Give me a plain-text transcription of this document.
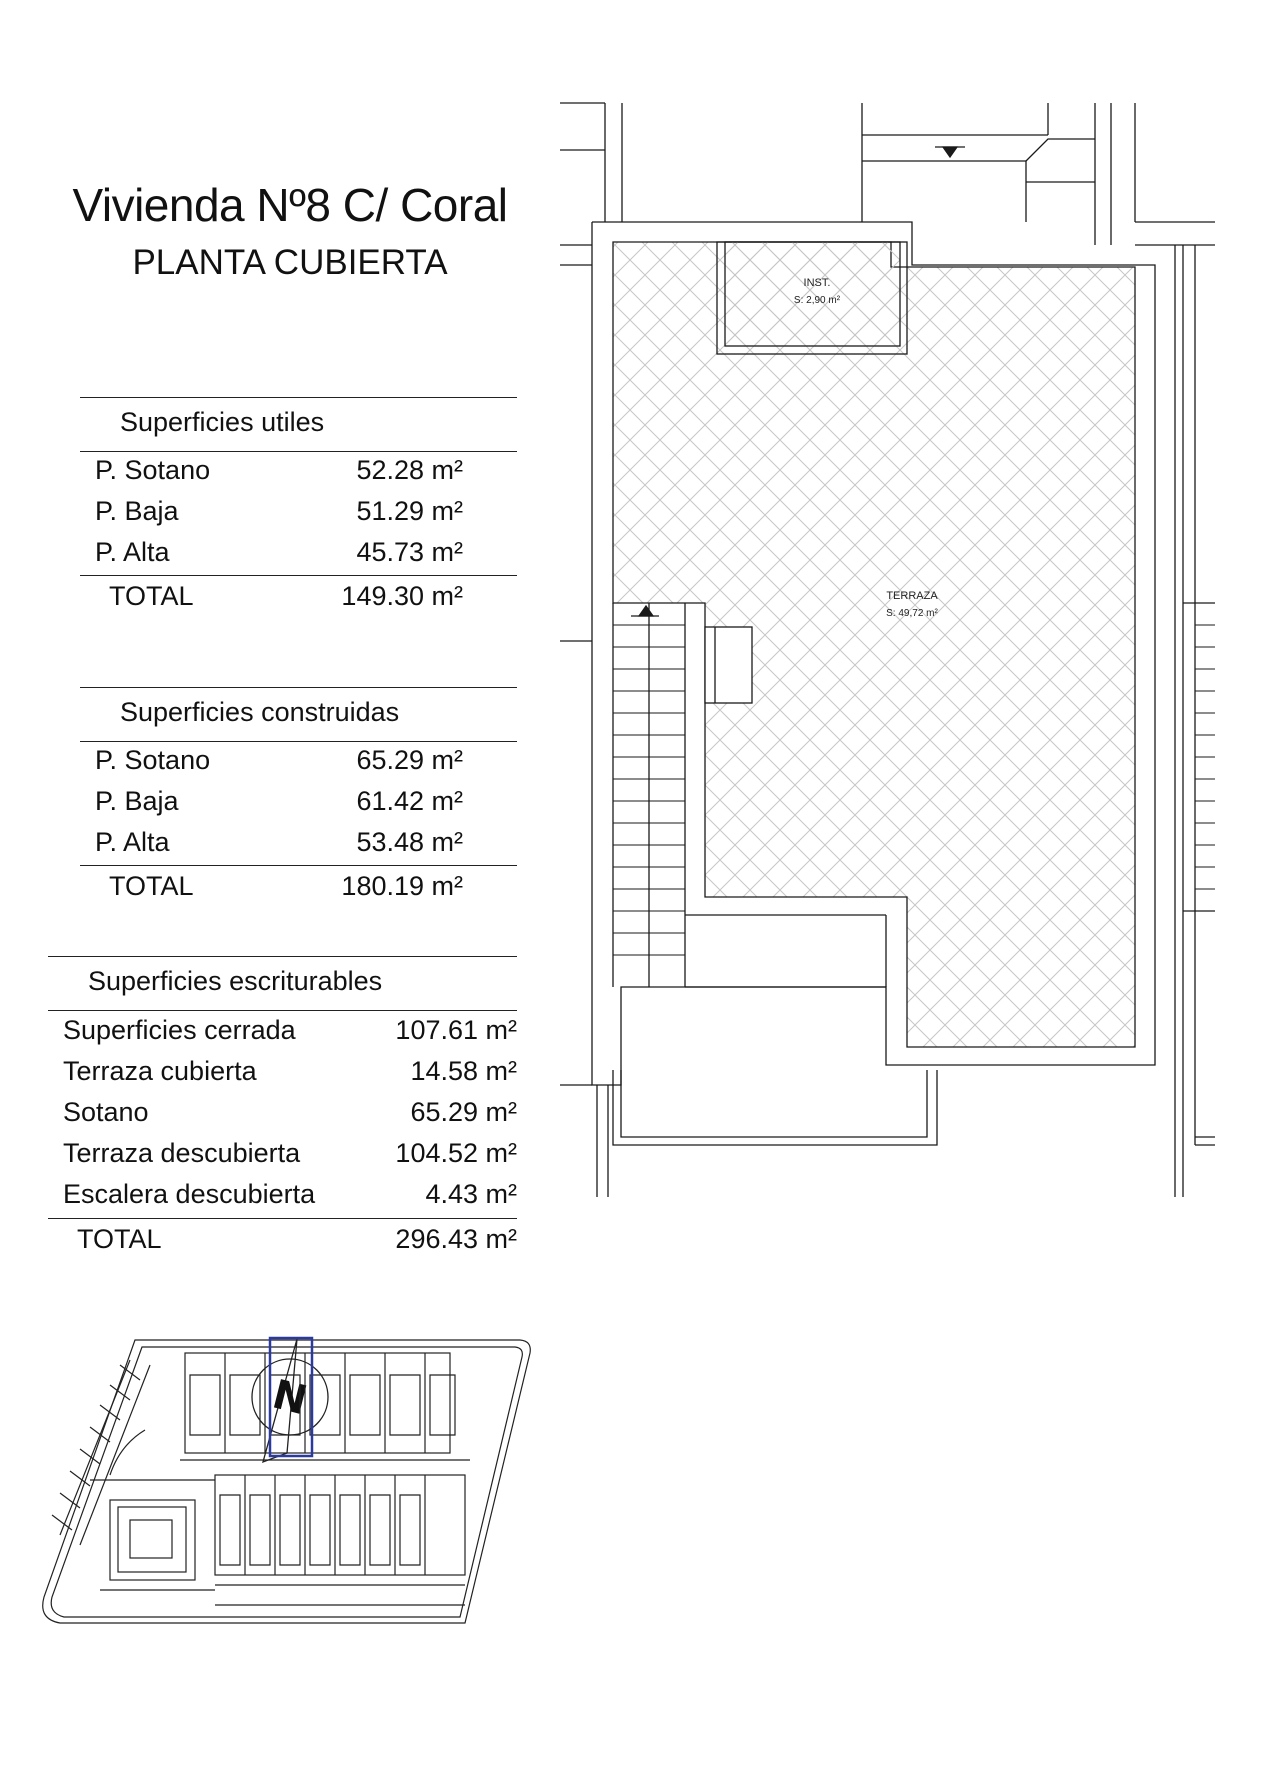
Vivienda Nº8 C/ Coral
PLANTA CUBIERTA
Superficies utiles
P. Sotano	52.28 m²
P. Baja	51.29 m²
P. Alta	45.73 m²
TOTAL	149.30 m²
Superficies construidas
P. Sotano	65.29 m²
P. Baja	61.42 m²
P. Alta	53.48 m²
TOTAL	180.19 m²
Superficies escriturables
Superficies cerrada	107.61 m²
Terraza cubierta	14.58 m²
Sotano	65.29 m²
Terraza descubierta	104.52 m²
Escalera descubierta	4.43 m²
TOTAL	296.43 m²
INST.
S: 2,90 m²
TERRAZA
S: 49,72 m²
N
